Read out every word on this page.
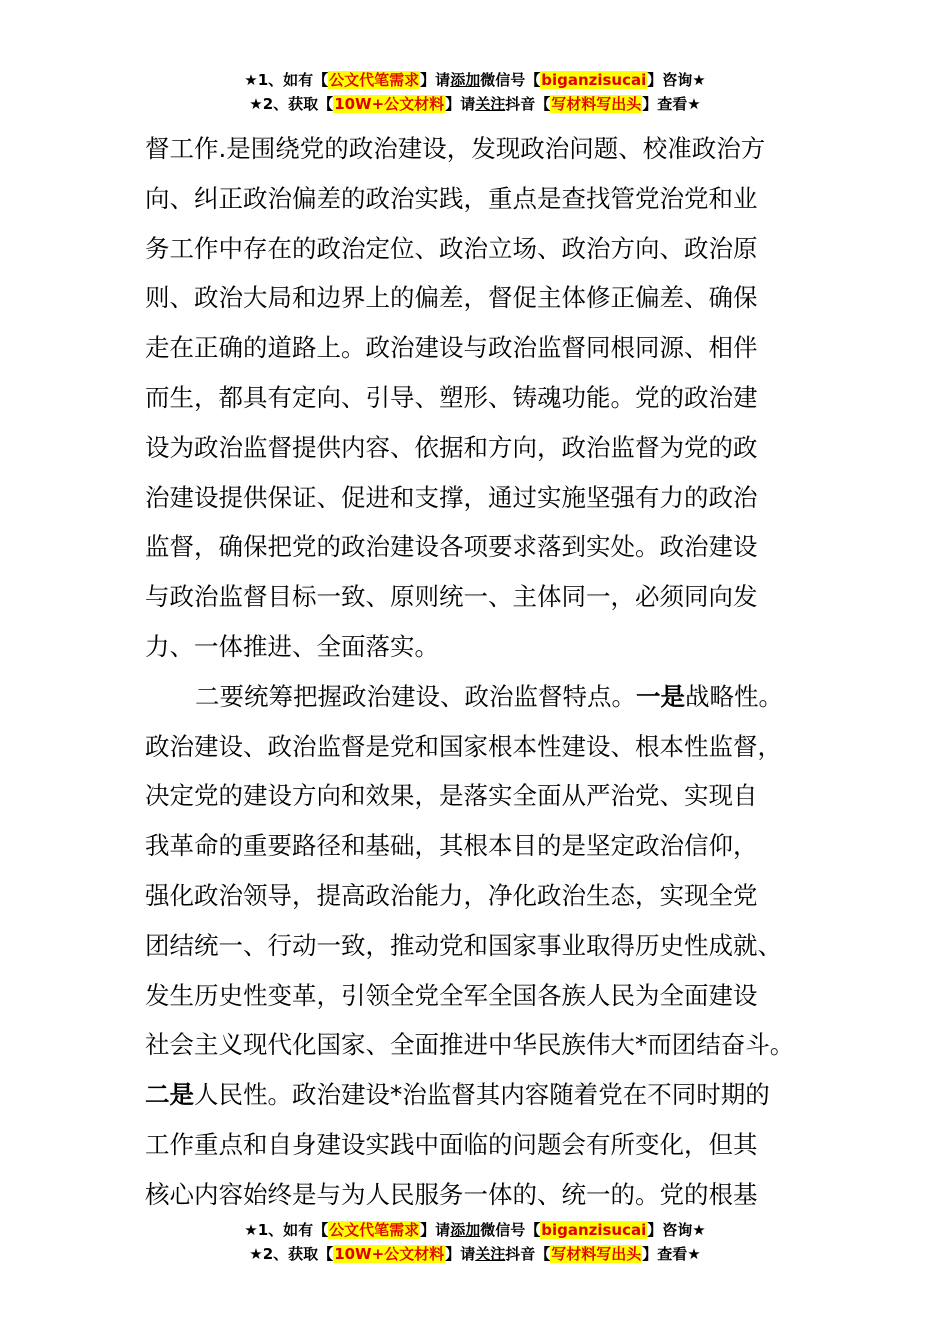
★1、如有【公文代笔需求】请添加微信号【biganzisucai】咨询★
★2、获取【10W+公文材料】请关注抖音【写材料写出头】查看★
督工作.是围绕党的政治建设，发现政治问题、校准政治方
向、纠正政治偏差的政治实践，重点是查找管党治党和业
务工作中存在的政治定位、政治立场、政治方向、政治原
则、政治大局和边界上的偏差，督促主体修正偏差、确保
走在正确的道路上。政治建设与政治监督同根同源、相伴
而生，都具有定向、引导、塑形、铸魂功能。党的政治建
设为政治监督提供内容、依据和方向，政治监督为党的政
治建设提供保证、促进和支撑，通过实施坚强有力的政治
监督，确保把党的政治建设各项要求落到实处。政治建设
与政治监督目标一致、原则统一、主体同一，必须同向发
力、一体推进、全面落实。
二要统筹把握政治建设、政治监督特点。一是战略性。
政治建设、政治监督是党和国家根本性建设、根本性监督，
决定党的建设方向和效果，是落实全面从严治党、实现自
我革命的重要路径和基础，其根本目的是坚定政治信仰，
强化政治领导，提高政治能力，净化政治生态，实现全党
团结统一、行动一致，推动党和国家事业取得历史性成就、
发生历史性变革，引领全党全军全国各族人民为全面建设
社会主义现代化国家、全面推进中华民族伟大*而团结奋斗。
二是人民性。政治建设*治监督其内容随着党在不同时期的
工作重点和自身建设实践中面临的问题会有所变化，但其
核心内容始终是与为人民服务一体的、统一的。党的根基
★1、如有【公文代笔需求】请添加微信号【biganzisucai】咨询★
★2、获取【10W+公文材料】请关注抖音【写材料写出头】查看★
